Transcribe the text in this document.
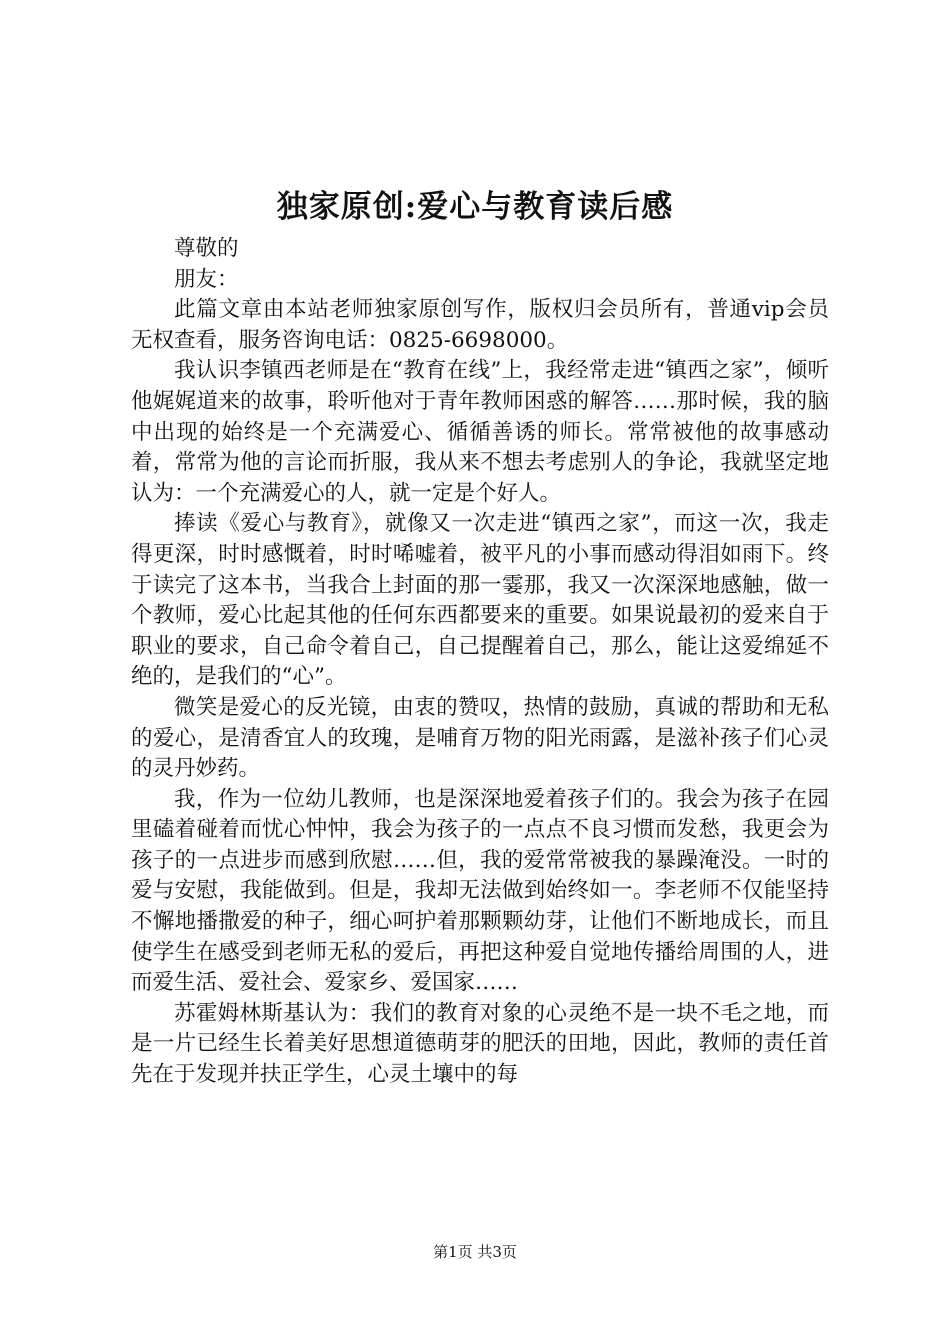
独家原创:爱心与教育读后感

尊敬的

朋友：

此篇文章由本站老师独家原创写作，版权归会员所有，普通vip会员无权查看，服务咨询电话：0825-6698000。

我认识李镇西老师是在“教育在线”上，我经常走进“镇西之家”，倾听他娓娓道来的故事，聆听他对于青年教师困惑的解答……那时候，我的脑中出现的始终是一个充满爱心、循循善诱的师长。常常被他的故事感动着，常常为他的言论而折服，我从来不想去考虑别人的争论，我就坚定地认为：一个充满爱心的人，就一定是个好人。

捧读《爱心与教育》，就像又一次走进“镇西之家”，而这一次，我走得更深，时时感慨着，时时唏嘘着，被平凡的小事而感动得泪如雨下。终于读完了这本书，当我合上封面的那一霎那，我又一次深深地感触，做一个教师，爱心比起其他的任何东西都要来的重要。如果说最初的爱来自于职业的要求，自己命令着自己，自己提醒着自己，那么，能让这爱绵延不绝的，是我们的“心”。

微笑是爱心的反光镜，由衷的赞叹，热情的鼓励，真诚的帮助和无私的爱心，是清香宜人的玫瑰，是哺育万物的阳光雨露，是滋补孩子们心灵的灵丹妙药。

我，作为一位幼儿教师，也是深深地爱着孩子们的。我会为孩子在园里磕着碰着而忧心忡忡，我会为孩子的一点点不良习惯而发愁，我更会为孩子的一点进步而感到欣慰……但，我的爱常常被我的暴躁淹没。一时的爱与安慰，我能做到。但是，我却无法做到始终如一。李老师不仅能坚持不懈地播撒爱的种子，细心呵护着那颗颗幼芽，让他们不断地成长，而且使学生在感受到老师无私的爱后，再把这种爱自觉地传播给周围的人，进而爱生活、爱社会、爱家乡、爱国家……

苏霍姆林斯基认为：我们的教育对象的心灵绝不是一块不毛之地，而是一片已经生长着美好思想道德萌芽的肥沃的田地，因此，教师的责任首先在于发现并扶正学生，心灵土壤中的每

第1页 共3页
